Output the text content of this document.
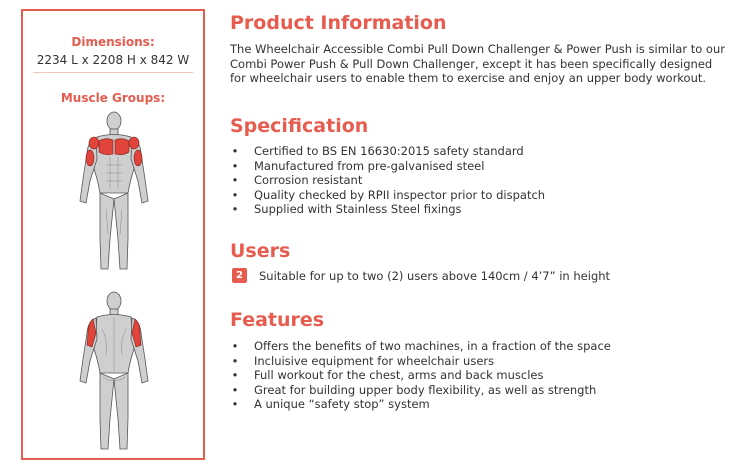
Dimensions:
2234 L x 2208 H x 842 W
Muscle Groups:
Product Information

The Wheelchair Accessible Combi Pull Down Challenger & Power Push is similar to our Combi Power Push & Pull Down Challenger, except it has been specifically designed for wheelchair users to enable them to exercise and enjoy an upper body workout.

Specification
• Certified to BS EN 16630:2015 safety standard
• Manufactured from pre-galvanised steel
• Corrosion resistant
• Quality checked by RPII inspector prior to dispatch
• Supplied with Stainless Steel fixings
Users
2	Suitable for up to two (2) users above 140cm / 4’7” in height
Features
• Offers the benefits of two machines, in a fraction of the space
• Incluisive equipment for wheelchair users
• Full workout for the chest, arms and back muscles
• Great for building upper body flexibility, as well as strength
• A unique “safety stop” system
